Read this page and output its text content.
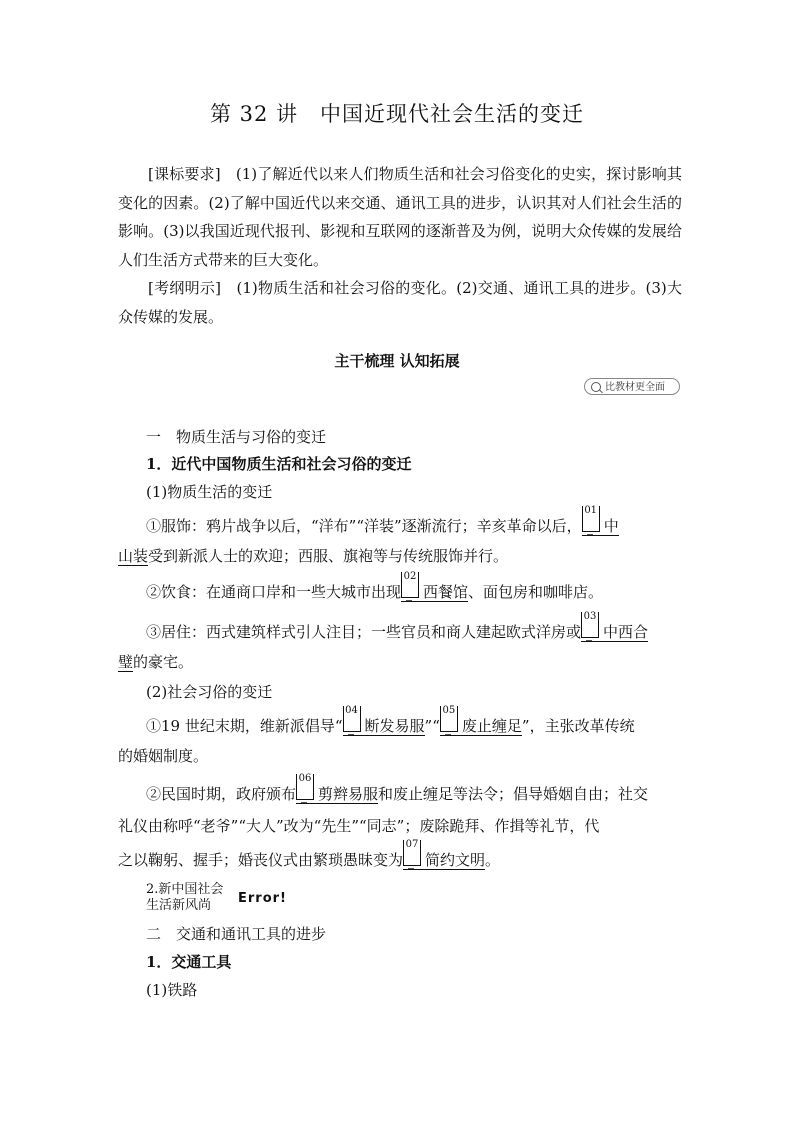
第 32 讲　中国近现代社会生活的变迁
[课标要求]　 (1)了解近代以来人们物质生活和社会习俗变化的史实，探讨影响其变化的因素。(2)了解中国近代以来交通、通讯工具的进步，认识其对人们社会生活的影响。(3)以我国近现代报刊、影视和互联网的逐渐普及为例，说明大众传媒的发展给人们生活方式带来的巨大变化。
[考纲明示]　 (1)物质生活和社会习俗的变化。(2)交通、通讯工具的进步。(3)大众传媒的发展。
主干梳理 认知拓展
比教材更全面
一　物质生活与习俗的变迁
1．近代中国物质生活和社会习俗的变迁
(1)物质生活的变迁
①服饰：鸦片战争以后，“洋布”“洋装”逐渐流行；辛亥革命以后，
01
中
山装受到新派人士的欢迎；西服、旗袍等与传统服饰并行。
②饮食：在通商口岸和一些大城市出现
02
西餐馆、面包房和咖啡店。
③居住：西式建筑样式引人注目；一些官员和商人建起欧式洋房或
03
中西合
璧的豪宅。
(2)社会习俗的变迁
①19 世纪末期，维新派倡导“
04
断发易服”“
05
废止缠足”，主张改革传统
的婚姻制度。
②民国时期，政府颁布
06
剪辫易服和废止缠足等法令；倡导婚姻自由；社交
礼仪由称呼“老爷”“大人”改为“先生”“同志”；废除跪拜、作揖等礼节，代
之以鞠躬、握手；婚丧仪式由繁琐愚昧变为
07
简约文明。
2.新中国社会
生活新风尚 Error!
二　交通和通讯工具的进步
1．交通工具
(1)铁路
